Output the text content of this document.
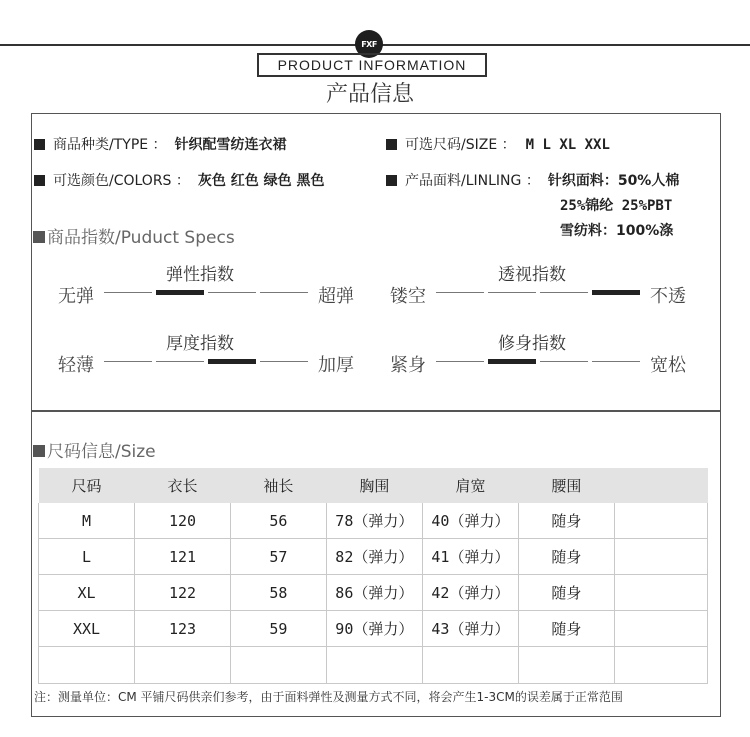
FXF
PRODUCT INFORMATION
产品信息
商品种类/TYPE ： 针织配雪纺连衣裙	可选尺码/SIZE ： M L XL XXL
可选颜色/COLORS ： 灰色 红色 绿色 黑色	产品面料/LINLING ： 针织面料：50%人棉
25%锦纶 25%PBT
雪纺料：100%涤
商品指数/Puduct Specs
弹性指数
无弹	超弹
透视指数
镂空	不透
厚度指数
轻薄	加厚
修身指数
紧身	宽松
尺码信息/Size
尺码	衣长	袖长	胸围	肩宽	腰围	
M	120	56	78（弹力）	40（弹力）	随身	
L	121	57	82（弹力）	41（弹力）	随身	
XL	122	58	86（弹力）	42（弹力）	随身	
XXL	123	59	90（弹力）	43（弹力）	随身	

注：测量单位：CM 平铺尺码供亲们参考，由于面料弹性及测量方式不同，将会产生1-3CM的误差属于正常范围
